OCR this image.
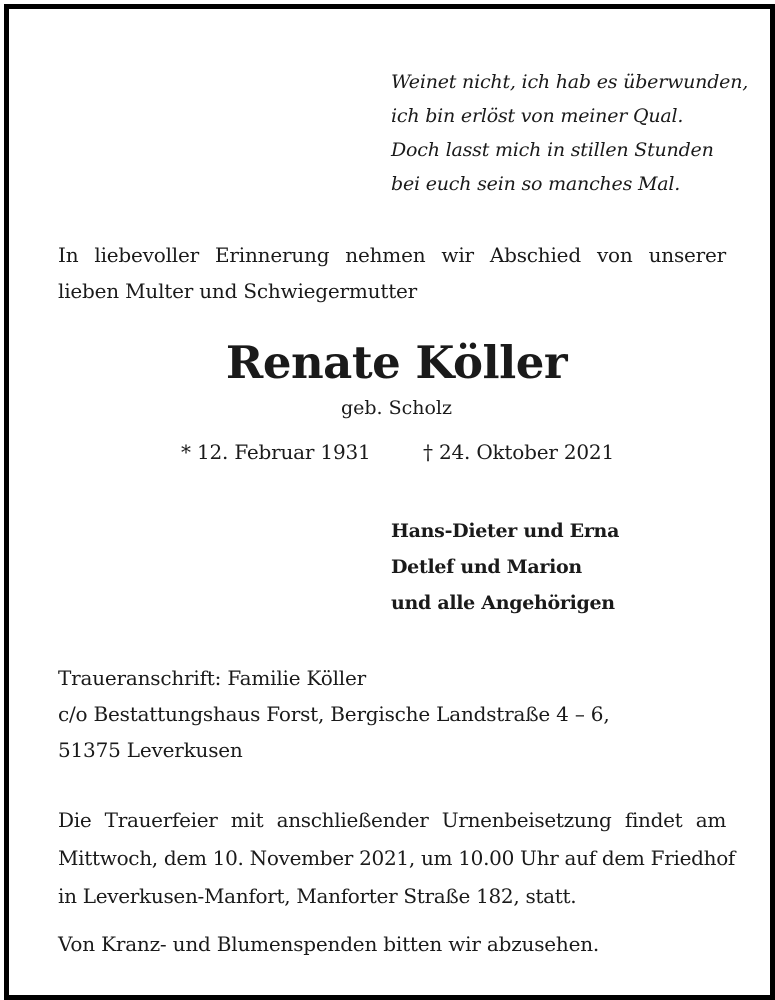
Weinet nicht, ich hab es überwunden,
ich bin erlöst von meiner Qual.
Doch lasst mich in stillen Stunden
bei euch sein so manches Mal.
In liebevoller Erinnerung nehmen wir Abschied von unserer
lieben Multer und Schwiegermutter
Renate Köller
geb. Scholz
* 12. Februar 1931	† 24. Oktober 2021
Hans-Dieter und Erna
Detlef und Marion
und alle Angehörigen
Traueranschrift: Familie Köller
c/o Bestattungshaus Forst, Bergische Landstraße 4 – 6,
51375 Leverkusen
Die Trauerfeier mit anschließender Urnenbeisetzung findet am
Mittwoch, dem 10. November 2021, um 10.00 Uhr auf dem Friedhof
in Leverkusen-Manfort, Manforter Straße 182, statt.
Von Kranz- und Blumenspenden bitten wir abzusehen.
